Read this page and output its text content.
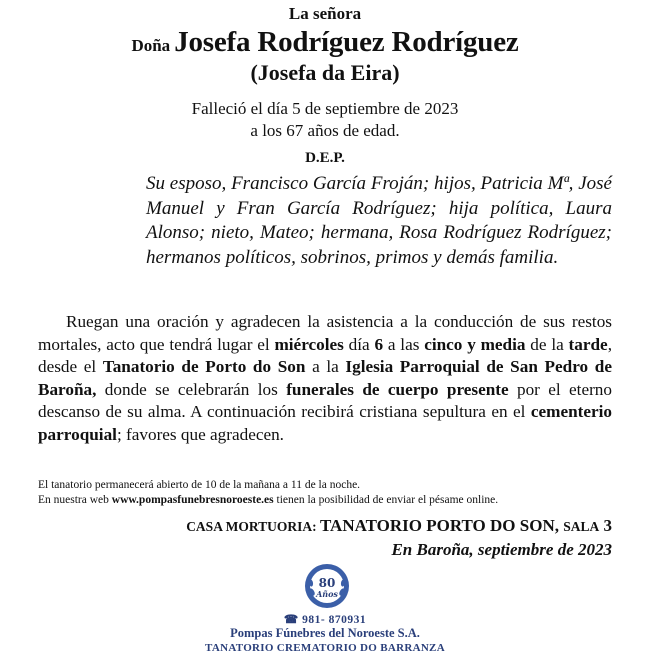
La señora
Doña Josefa Rodríguez Rodríguez
(Josefa da Eira)
Falleció el día 5 de septiembre de 2023
a los 67 años de edad.
D.E.P.

Su esposo, Francisco García Froján; hijos, Patricia Mª, José Manuel y Fran García Rodríguez; hija política, Laura Alonso; nieto, Mateo; hermana, Rosa Rodríguez Rodríguez; hermanos políticos, sobrinos, primos y demás familia.

Ruegan una oración y agradecen la asistencia a la conducción de sus restos mortales, acto que tendrá lugar el miércoles día 6 a las cinco y media de la tarde, desde el Tanatorio de Porto do Son a la Iglesia Parroquial de San Pedro de Baroña, donde se celebrarán los funerales de cuerpo presente por el eterno descanso de su alma. A continuación recibirá cristiana sepultura en el cementerio parroquial; favores que agradecen.

El tanatorio permanecerá abierto de 10 de la mañana a 11 de la noche.
En nuestra web www.pompasfunebresnoroeste.es tienen la posibilidad de enviar el pésame online.
CASA MORTUORIA: TANATORIO PORTO DO SON, SALA 3
En Baroña, septiembre de 2023
80
Años
☎ 981- 870931
Pompas Fúnebres del Noroeste S.A.
TANATORIO CREMATORIO DO BARRANZA
